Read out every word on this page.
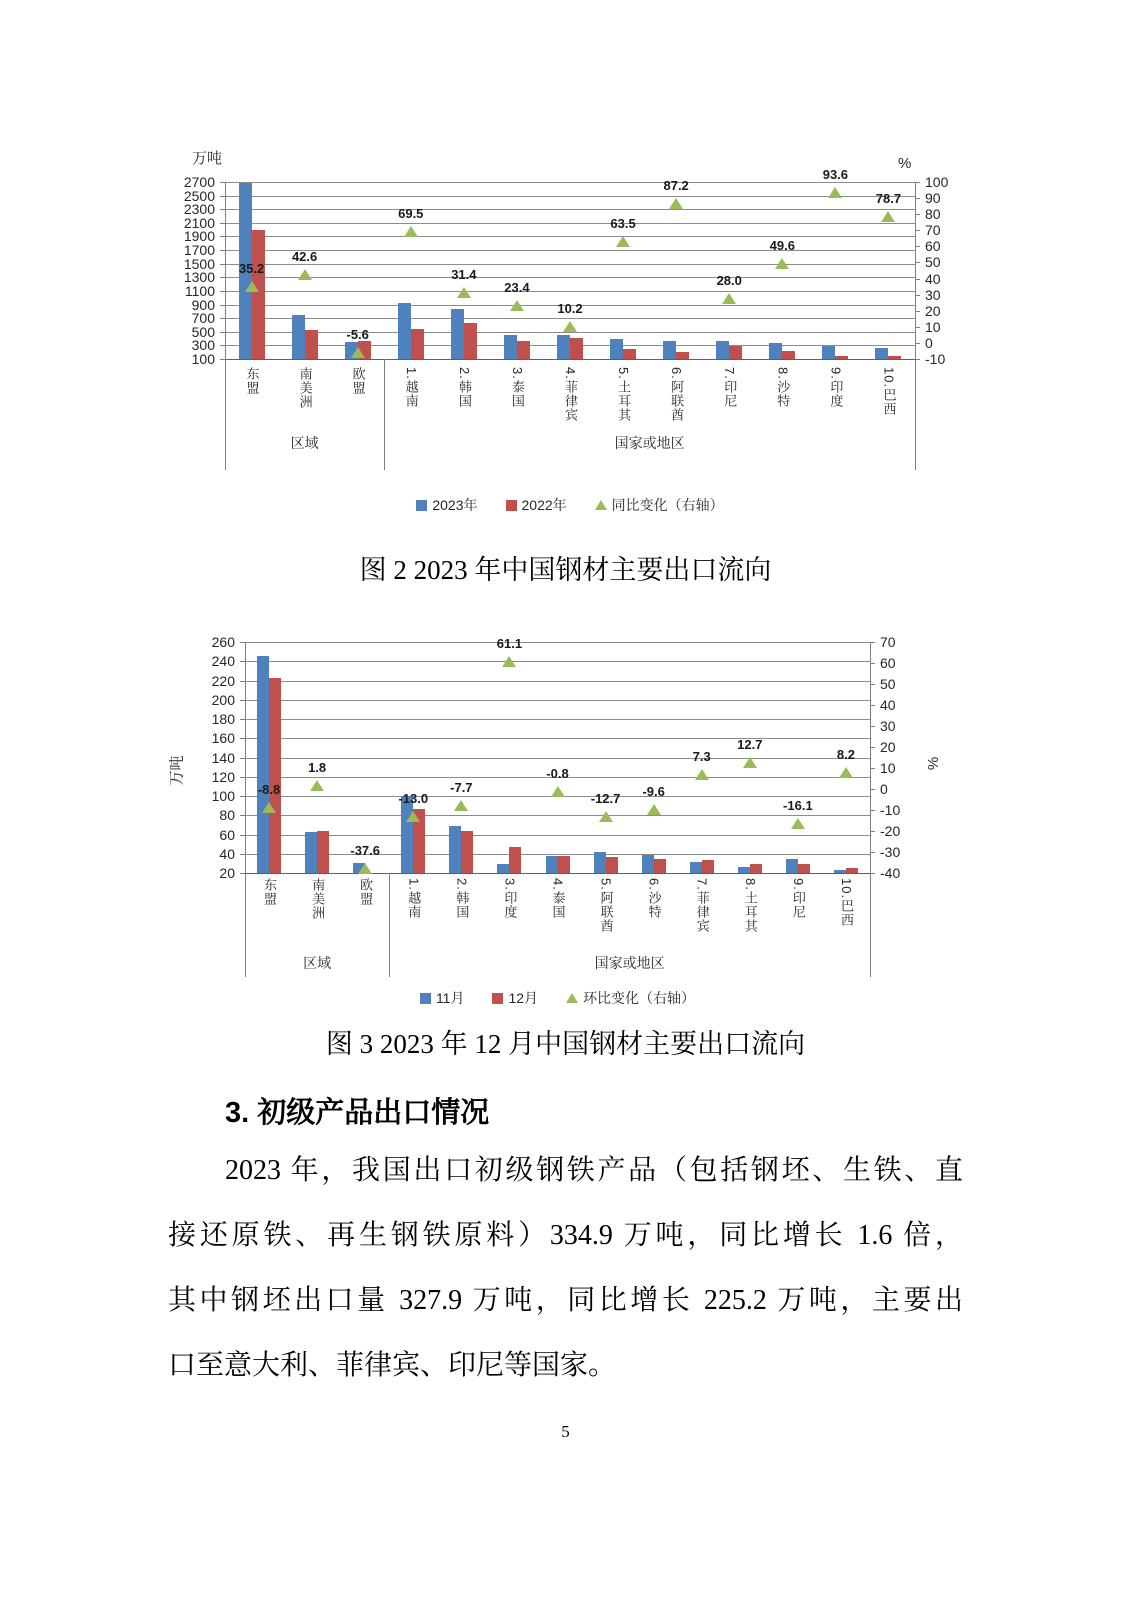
万吨	%
2700
2500
2300
2100
1900
1700
1500
1300
1100
900
700
500
300
100
100
90
80
70
60
50
40
30
20
10
0
-10
35.2
42.6
-5.6
69.5
31.4
23.4
10.2
63.5
87.2
28.0
49.6
93.6
78.7
东盟	南美洲	欧盟	1.越南	2.韩国	3.泰国	4.菲律宾	5.土耳其	6.阿联酋	7.印尼	8.沙特	9.印度	10.巴西
区域	国家或地区
2023年	2022年	同比变化（右轴）
图 2 2023 年中国钢材主要出口流向
万吨	%
260
240
220
200
180
160
140
120
100
80
60
40
20
70
60
50
40
30
20
10
0
-10
-20
-30
-40
-8.8
1.8
-37.6
-13.0
-7.7
61.1
-0.8
-12.7	-9.6
7.3
12.7
-16.1
8.2
东盟	南美洲	欧盟	1.越南	2.韩国	3.印度	4.泰国	5.阿联酋	6.沙特	7.菲律宾	8.土耳其	9.印尼	10.巴西
区域	国家或地区
11月	12月	环比变化（右轴）
图 3 2023 年 12 月中国钢材主要出口流向
3. 初级产品出口情况
2023 年，我国出口初级钢铁产品（包括钢坯、生铁、直
接还原铁、再生钢铁原料）334.9 万吨，同比增长 1.6 倍，
其中钢坯出口量 327.9 万吨，同比增长 225.2 万吨，主要出
口至意大利、菲律宾、印尼等国家。
5
